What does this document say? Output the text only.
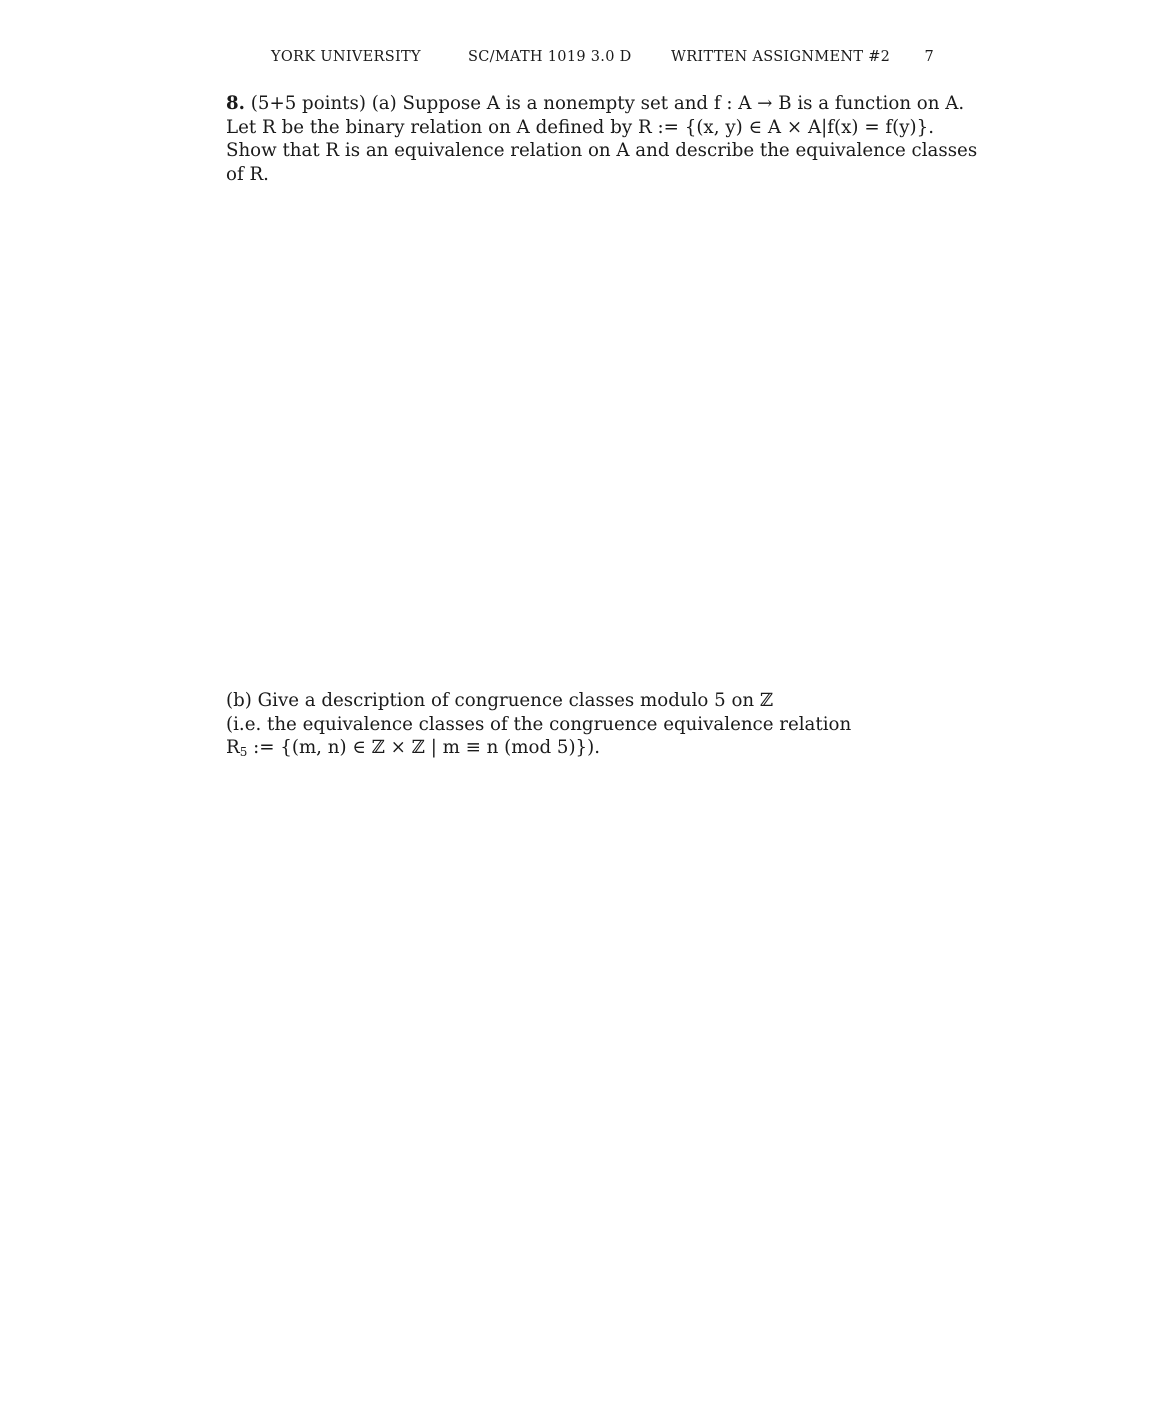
YORK UNIVERSITY	SC/MATH 1019 3.0 D	WRITTEN ASSIGNMENT #2 7
8. (5+5 points) (a) Suppose A is a nonempty set and f : A → B is a function on A.
Let R be the binary relation on A defined by R := {(x, y) ∈ A × A|f(x) = f(y)}.
Show that R is an equivalence relation on A and describe the equivalence classes
of R.
(b) Give a description of congruence classes modulo 5 on ℤ
(i.e. the equivalence classes of the congruence equivalence relation
$R_5$ := {(m, n) ∈ ℤ × ℤ | m ≡ n (mod 5)}).
